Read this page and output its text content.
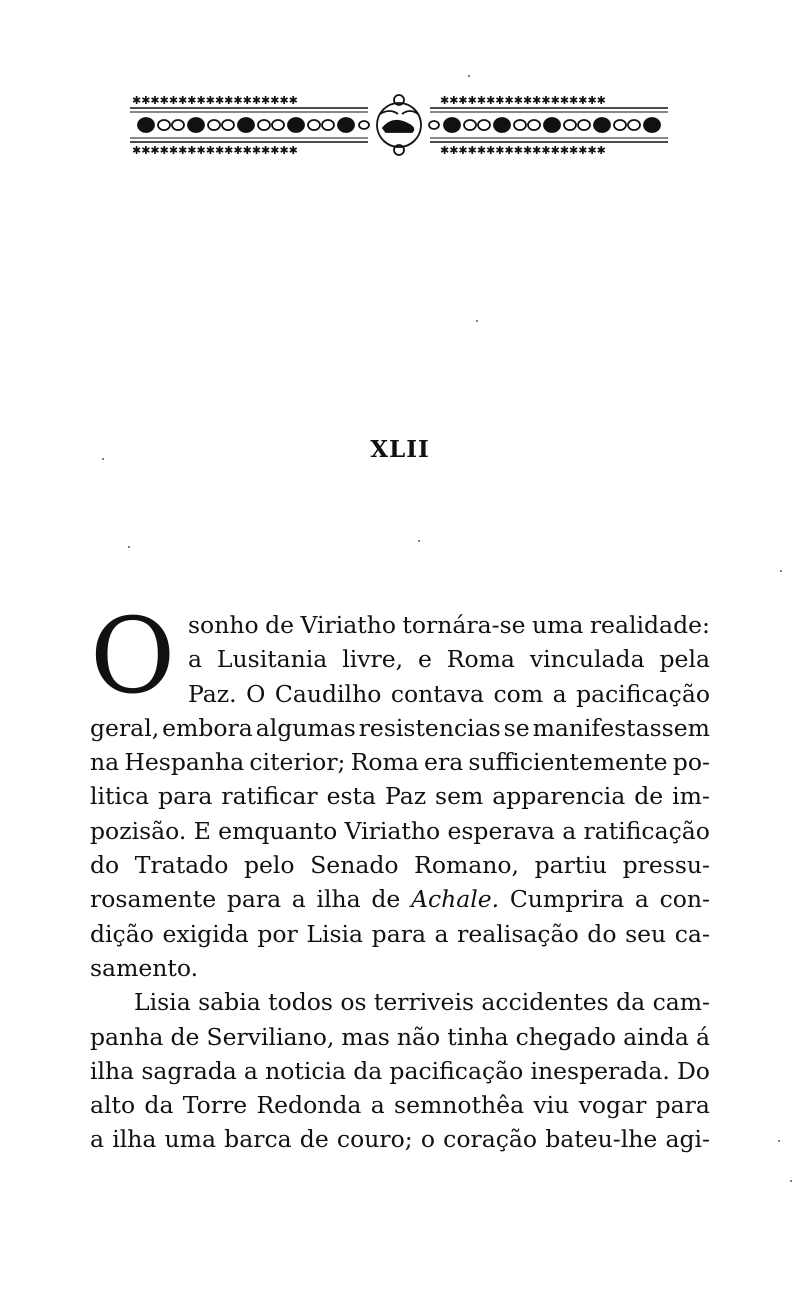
✱✱✱✱✱✱✱✱✱✱✱✱✱✱✱✱✱✱	✱✱✱✱✱✱✱✱✱✱✱✱✱✱✱✱✱✱
✱✱✱✱✱✱✱✱✱✱✱✱✱✱✱✱✱✱	✱✱✱✱✱✱✱✱✱✱✱✱✱✱✱✱✱✱
XLII
O sonho de Viriatho tornára-se uma realidade:
a Lusitania livre, e Roma vinculada pela
Paz. O Caudilho contava com a pacificação
geral, embora algumas resistencias se manifestassem
na Hespanha citerior; Roma era sufficientemente po-
litica para ratificar esta Paz sem apparencia de im-
pozisão. E emquanto Viriatho esperava a ratificação
do Tratado pelo Senado Romano, partiu pressu-
rosamente para a ilha de Achale. Cumprira a con-
dição exigida por Lisia para a realisação do seu ca-
samento.
Lisia sabia todos os terriveis accidentes da cam-
panha de Serviliano, mas não tinha chegado ainda á
ilha sagrada a noticia da pacificação inesperada. Do
alto da Torre Redonda a semnothêa viu vogar para
a ilha uma barca de couro; o coração bateu-lhe agi-
